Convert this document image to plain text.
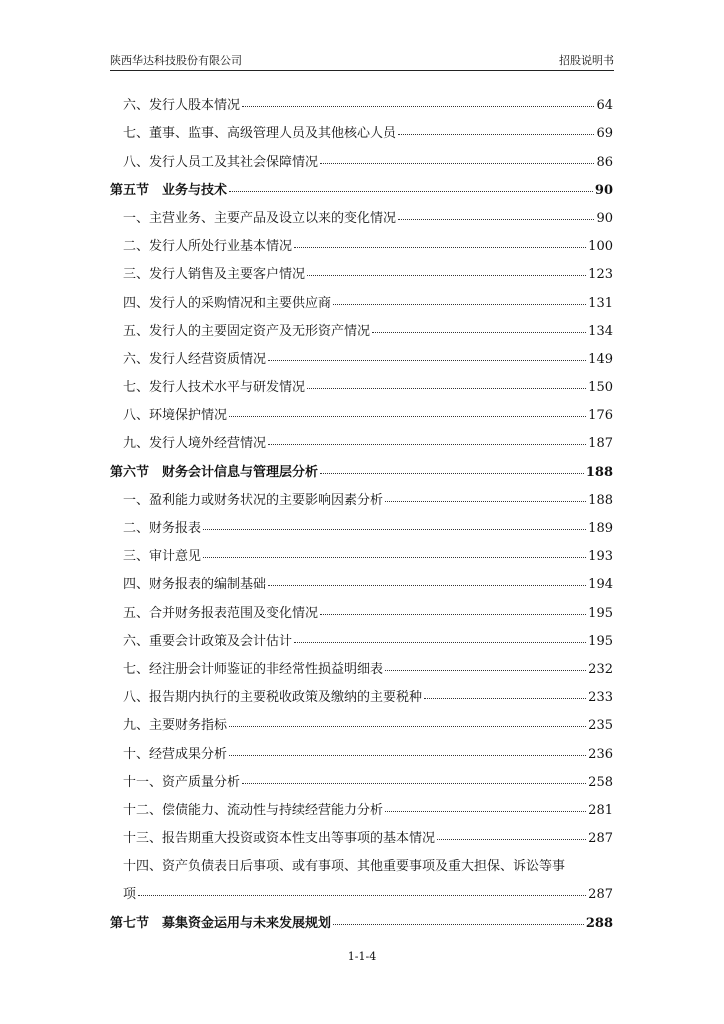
陕西华达科技股份有限公司	招股说明书
六、发行人股本情况	64
七、董事、监事、高级管理人员及其他核心人员	69
八、发行人员工及其社会保障情况	86
第五节　业务与技术	90
一、主营业务、主要产品及设立以来的变化情况	90
二、发行人所处行业基本情况	100
三、发行人销售及主要客户情况	123
四、发行人的采购情况和主要供应商	131
五、发行人的主要固定资产及无形资产情况	134
六、发行人经营资质情况	149
七、发行人技术水平与研发情况	150
八、环境保护情况	176
九、发行人境外经营情况	187
第六节　财务会计信息与管理层分析	188
一、盈利能力或财务状况的主要影响因素分析	188
二、财务报表	189
三、审计意见	193
四、财务报表的编制基础	194
五、合并财务报表范围及变化情况	195
六、重要会计政策及会计估计	195
七、经注册会计师鉴证的非经常性损益明细表	232
八、报告期内执行的主要税收政策及缴纳的主要税种	233
九、主要财务指标	235
十、经营成果分析	236
十一、资产质量分析	258
十二、偿债能力、流动性与持续经营能力分析	281
十三、报告期重大投资或资本性支出等事项的基本情况	287
十四、资产负债表日后事项、或有事项、其他重要事项及重大担保、诉讼等事
项	287
第七节　募集资金运用与未来发展规划	288
1-1-4
